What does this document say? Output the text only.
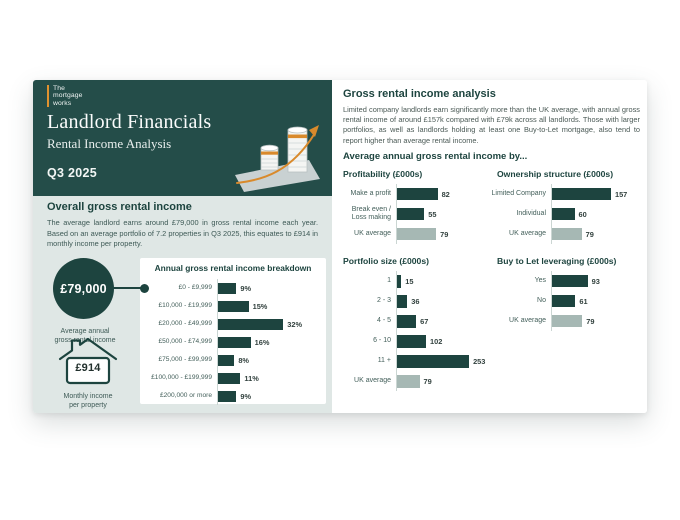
The
mortgage
works
Landlord Financials
Rental Income Analysis
Q3 2025
Overall gross rental income

The average landlord earns around £79,000 in gross rental income each year. Based on an average portfolio of 7.2 properties in Q3 2025, this equates to £914 in monthly income per property.

£79,000
Average annual
gross rental income
£914
Monthly income
per property
Annual gross rental income breakdown
£0 - £9,999	9%
£10,000 - £19,999	15%
£20,000 - £49,999	32%
£50,000 - £74,999	16%
£75,000 - £99,999	8%
£100,000 - £199,999	11%
£200,000 or more	9%
Gross rental income analysis

Limited company landlords earn significantly more than the UK average, with annual gross rental income of around £157k compared with £79k across all landlords. Those with larger portfolios, as well as landlords holding at least one Buy-to-Let mortgage, also tend to report higher than average rental income.

Average annual gross rental income by...
Profitability (£000s)
Make a profit	82
Break even /
Loss making	55
UK average	79
Ownership structure (£000s)
Limited Company	157
Individual	60
UK average	79
Portfolio size (£000s)
1	15
2 - 3	36
4 - 5	67
6 - 10	102
11 +	253
UK average	79
Buy to Let leveraging (£000s)
Yes	93
No	61
UK average	79
